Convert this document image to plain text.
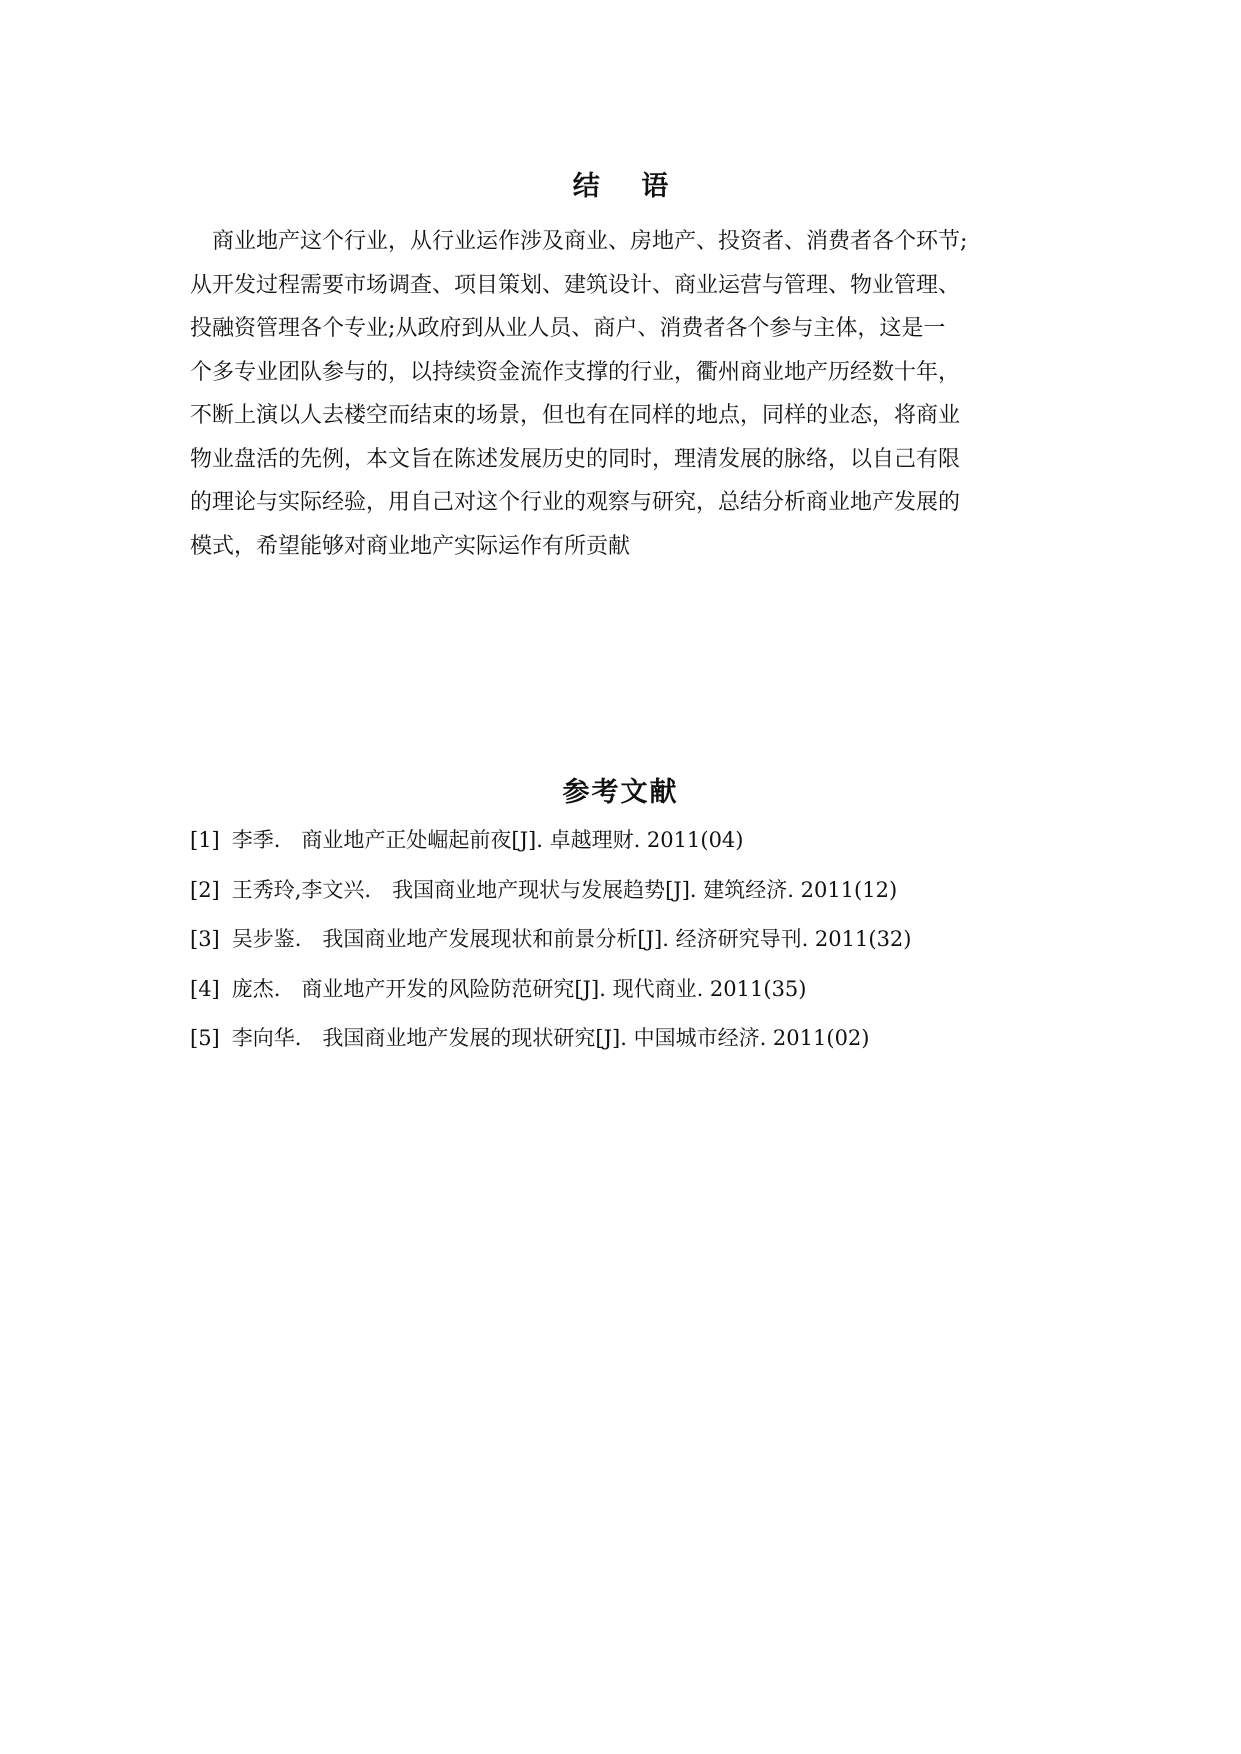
结 语

　商业地产这个行业，从行业运作涉及商业、房地产、投资者、消费者各个环节;
从开发过程需要市场调查、项目策划、建筑设计、商业运营与管理、物业管理、
投融资管理各个专业;从政府到从业人员、商户、消费者各个参与主体，这是一
个多专业团队参与的，以持续资金流作支撑的行业，衢州商业地产历经数十年，
不断上演以人去楼空而结束的场景，但也有在同样的地点，同样的业态，将商业
物业盘活的先例，本文旨在陈述发展历史的同时，理清发展的脉络，以自己有限
的理论与实际经验，用自己对这个行业的观察与研究，总结分析商业地产发展的
模式，希望能够对商业地产实际运作有所贡献

参考文献
[1] 李季.　商业地产正处崛起前夜[J]. 卓越理财. 2011(04)
[2] 王秀玲,李文兴.　我国商业地产现状与发展趋势[J]. 建筑经济. 2011(12)
[3] 吴步鉴.　我国商业地产发展现状和前景分析[J]. 经济研究导刊. 2011(32)
[4] 庞杰.　商业地产开发的风险防范研究[J]. 现代商业. 2011(35)
[5] 李向华.　我国商业地产发展的现状研究[J]. 中国城市经济. 2011(02)
